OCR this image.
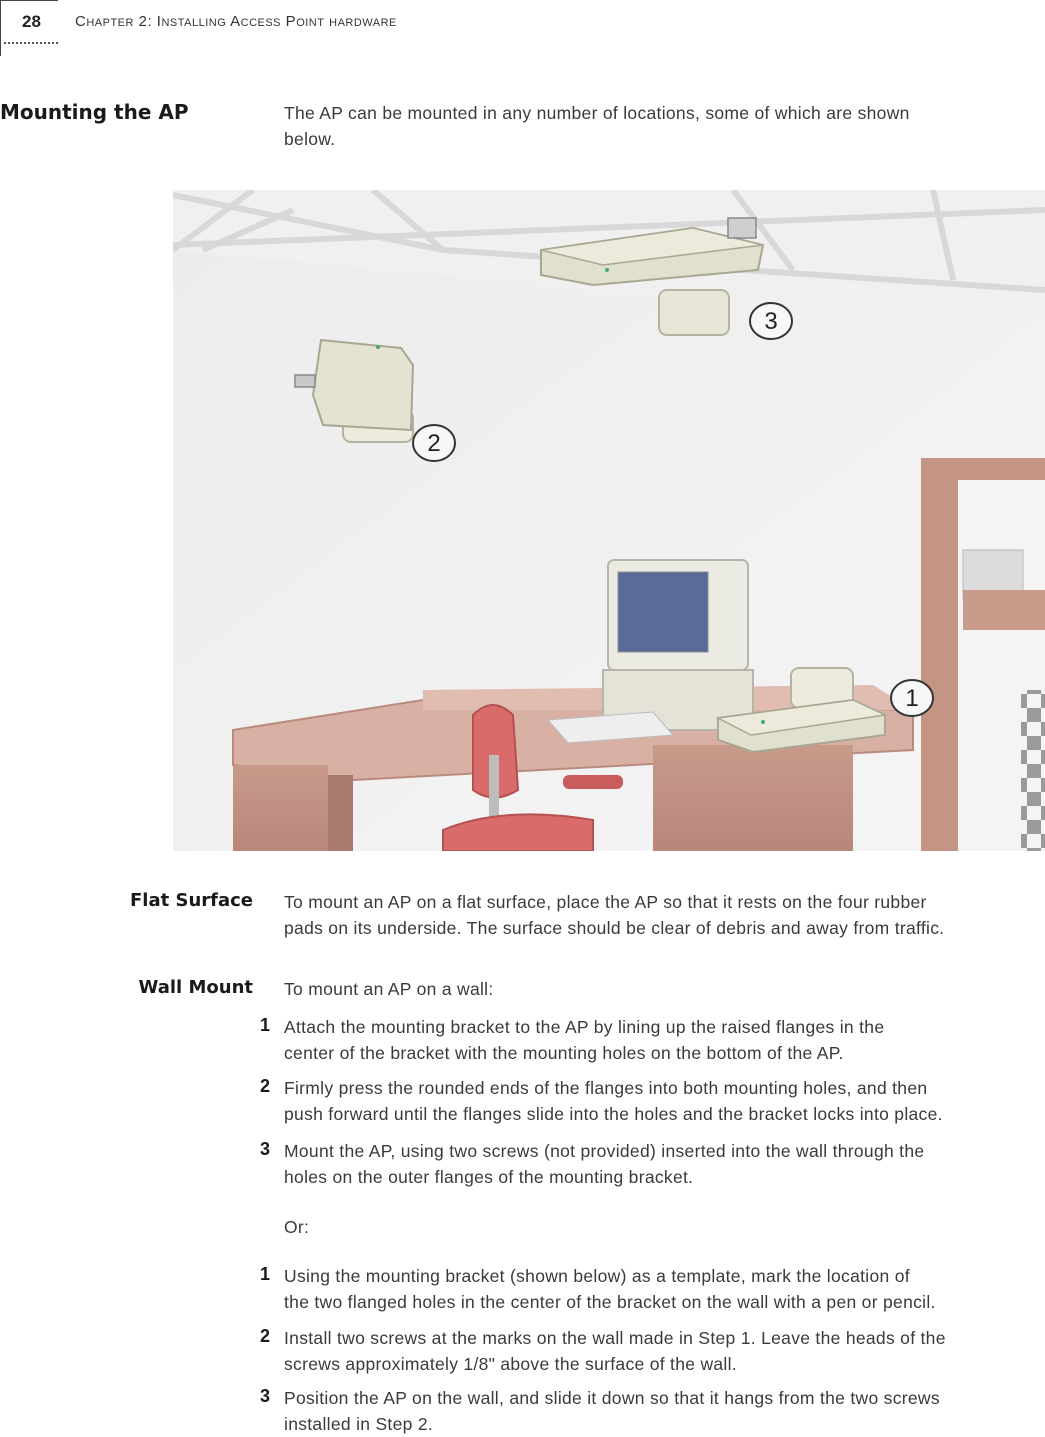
28 Chapter 2: Installing Access Point hardware
Mounting the AP	The AP can be mounted in any number of locations, some of which are shown
below.
3
2
1
Flat Surface To mount an AP on a flat surface, place the AP so that it rests on the four rubber
pads on its underside. The surface should be clear of debris and away from traffic.
Wall Mount To mount an AP on a wall:
1 Attach the mounting bracket to the AP by lining up the raised flanges in the
center of the bracket with the mounting holes on the bottom of the AP.
2 Firmly press the rounded ends of the flanges into both mounting holes, and then
push forward until the flanges slide into the holes and the bracket locks into place.
3 Mount the AP, using two screws (not provided) inserted into the wall through the
holes on the outer flanges of the mounting bracket.
Or:
1 Using the mounting bracket (shown below) as a template, mark the location of
the two flanged holes in the center of the bracket on the wall with a pen or pencil.
2 Install two screws at the marks on the wall made in Step 1. Leave the heads of the
screws approximately 1/8" above the surface of the wall.
3 Position the AP on the wall, and slide it down so that it hangs from the two screws
installed in Step 2.
